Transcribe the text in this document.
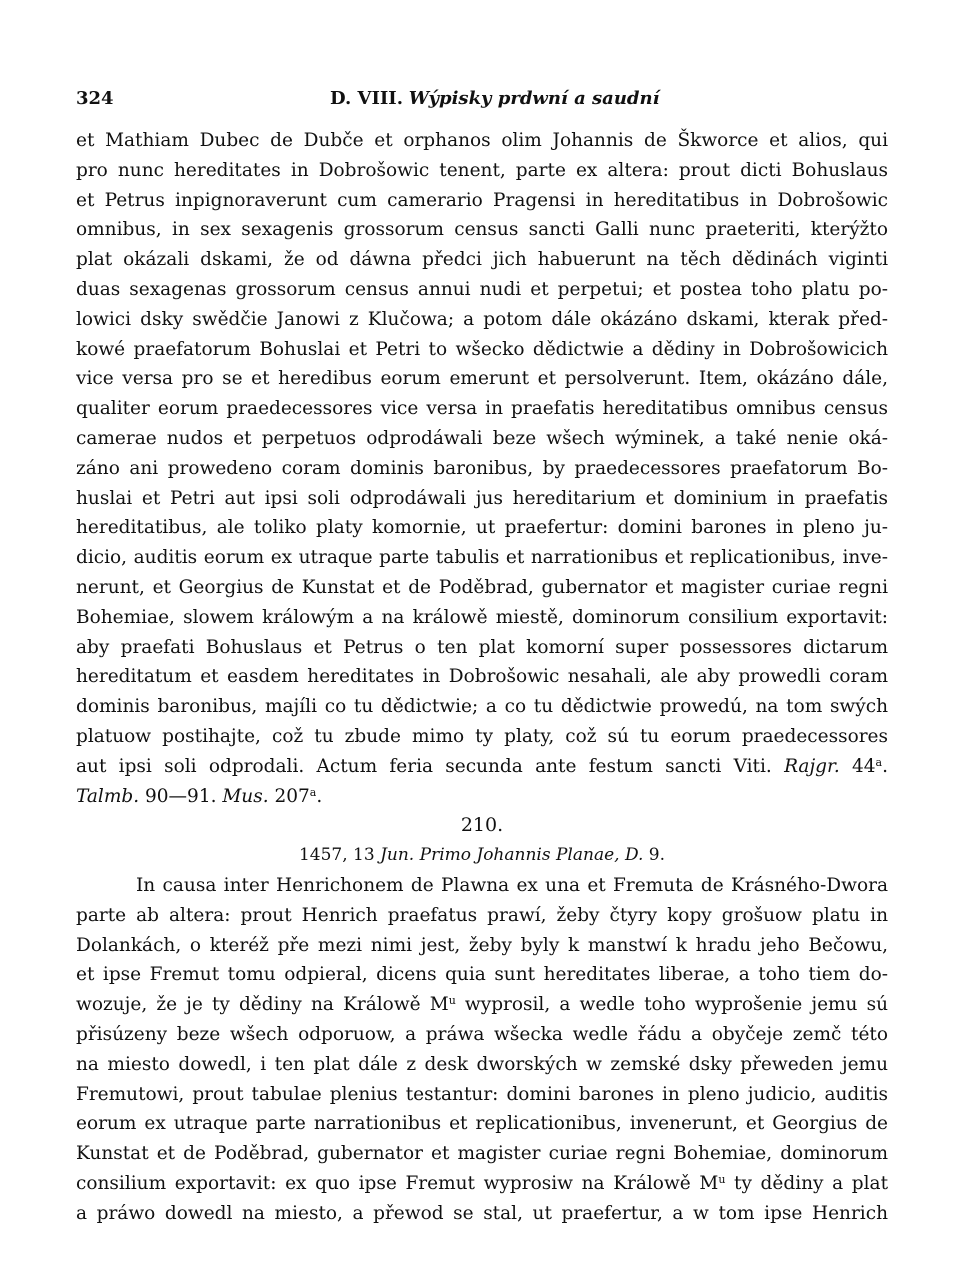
324	D. VIII. Wýpisky prdwní a saudní
et Mathiam Dubec de Dubče et orphanos olim Johannis de Škworce et alios, qui
pro nunc hereditates in Dobrošowic tenent, parte ex altera: prout dicti Bohuslaus
et Petrus inpignoraverunt cum camerario Pragensi in hereditatibus in Dobrošowic
omnibus, in sex sexagenis grossorum census sancti Galli nunc praeteriti, kterýžto
plat okázali dskami, že od dáwna předci jich habuerunt na těch dědinách viginti
duas sexagenas grossorum census annui nudi et perpetui; et postea toho platu po-
lowici dsky swědčie Janowi z Klučowa; a potom dále okázáno dskami, kterak před-
kowé praefatorum Bohuslai et Petri to wšecko dědictwie a dědiny in Dobrošowicich
vice versa pro se et heredibus eorum emerunt et persolverunt. Item, okázáno dále,
qualiter eorum praedecessores vice versa in praefatis hereditatibus omnibus census
camerae nudos et perpetuos odprodáwali beze wšech wýminek, a také nenie oká-
záno ani prowedeno coram dominis baronibus, by praedecessores praefatorum Bo-
huslai et Petri aut ipsi soli odprodáwali jus hereditarium et dominium in praefatis
hereditatibus, ale toliko platy komornie, ut praefertur: domini barones in pleno ju-
dicio, auditis eorum ex utraque parte tabulis et narrationibus et replicationibus, inve-
nerunt, et Georgius de Kunstat et de Poděbrad, gubernator et magister curiae regni
Bohemiae, slowem králowým a na králowě miestě, dominorum consilium exportavit:
aby praefati Bohuslaus et Petrus o ten plat komorní super possessores dictarum
hereditatum et easdem hereditates in Dobrošowic nesahali, ale aby prowedli coram
dominis baronibus, majíli co tu dědictwie; a co tu dědictwie prowedú, na tom swých
platuow postihajte, což tu zbude mimo ty platy, což sú tu eorum praedecessores
aut ipsi soli odprodali. Actum feria secunda ante festum sancti Viti. Rajgr. 44$^a$.
Talmb. 90—91. Mus. 207$^a$.
210.
1457, 13 Jun. Primo Johannis Planae, D. 9.
In causa inter Henrichonem de Plawna ex una et Fremuta de Krásného-Dwora
parte ab altera: prout Henrich praefatus prawí, žeby čtyry kopy grošuow platu in
Dolankách, o kteréž pře mezi nimi jest, žeby byly k manstwí k hradu jeho Bečowu,
et ipse Fremut tomu odpieral, dicens quia sunt hereditates liberae, a toho tiem do-
wozuje, že je ty dědiny na Králowě $M^u$ wyprosil, a wedle toho wyprošenie jemu sú
přisúzeny beze wšech odporuow, a práwa wšecka wedle řádu a obyčeje zemč této
na miesto dowedl, i ten plat dále z desk dworských w zemské dsky přeweden jemu
Fremutowi, prout tabulae plenius testantur: domini barones in pleno judicio, auditis
eorum ex utraque parte narrationibus et replicationibus, invenerunt, et Georgius de
Kunstat et de Poděbrad, gubernator et magister curiae regni Bohemiae, dominorum
consilium exportavit: ex quo ipse Fremut wyprosiw na Králowě $M^u$ ty dědiny a plat
a práwo dowedl na miesto, a přewod se stal, ut praefertur, a w tom ipse Henrich
